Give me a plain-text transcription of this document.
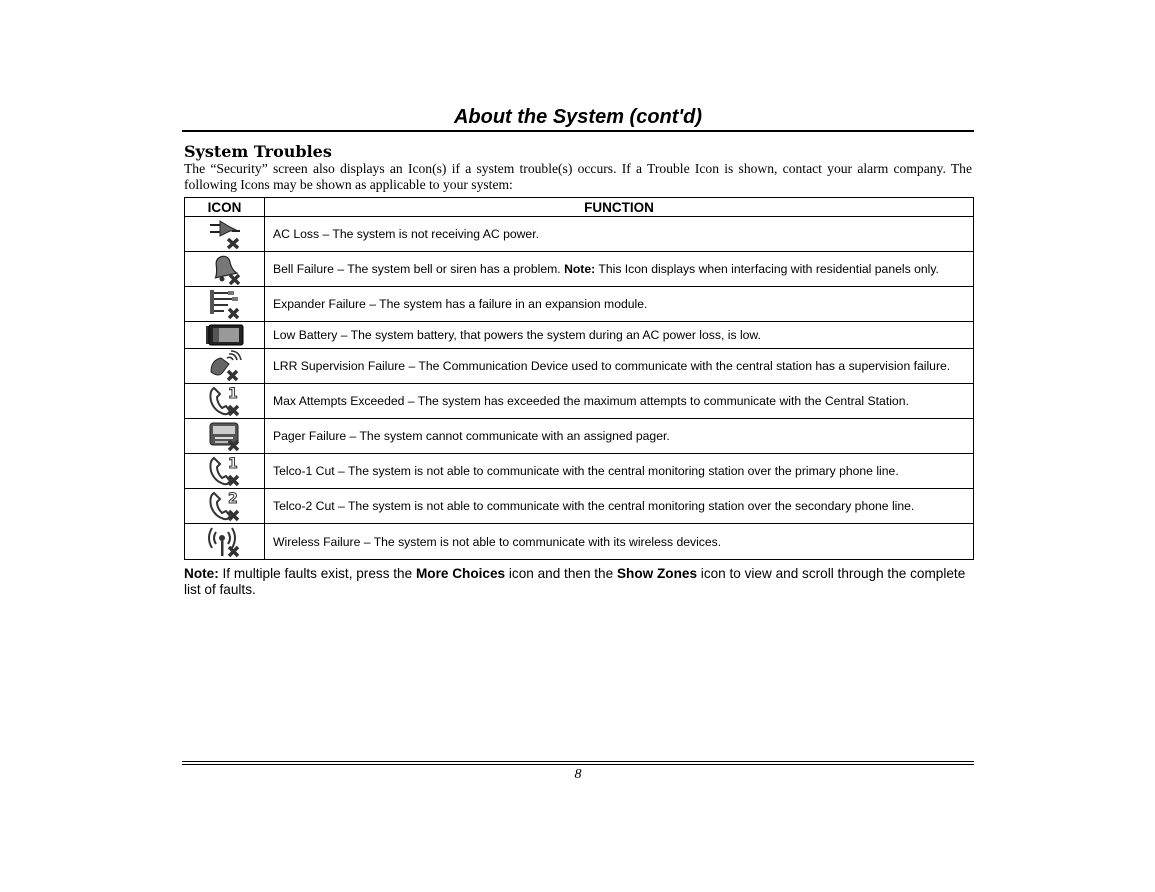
About the System (cont'd)
System Troubles
The “Security” screen also displays an Icon(s) if a system trouble(s) occurs. If a Trouble Icon is shown, contact your alarm company. The following Icons may be shown as applicable to your system:
ICON	FUNCTION

	AC Loss – The system is not receiving AC power.

	Bell Failure – The system bell or siren has a problem. Note: This Icon displays when interfacing with residential panels only.

	Expander Failure – The system has a failure in an expansion module.

	Low Battery – The system battery, that powers the system during an AC power loss, is low.

	LRR Supervision Failure – The Communication Device used to communicate with the central station has a supervision failure.

1	Max Attempts Exceeded – The system has exceeded the maximum attempts to communicate with the Central Station.

	Pager Failure – The system cannot communicate with an assigned pager.

1	Telco-1 Cut – The system is not able to communicate with the central monitoring station over the primary phone line.

2	Telco-2 Cut – The system is not able to communicate with the central monitoring station over the secondary phone line.

	Wireless Failure – The system is not able to communicate with its wireless devices.
Note: If multiple faults exist, press the More Choices icon and then the Show Zones icon to view and scroll through the complete list of faults.
8
